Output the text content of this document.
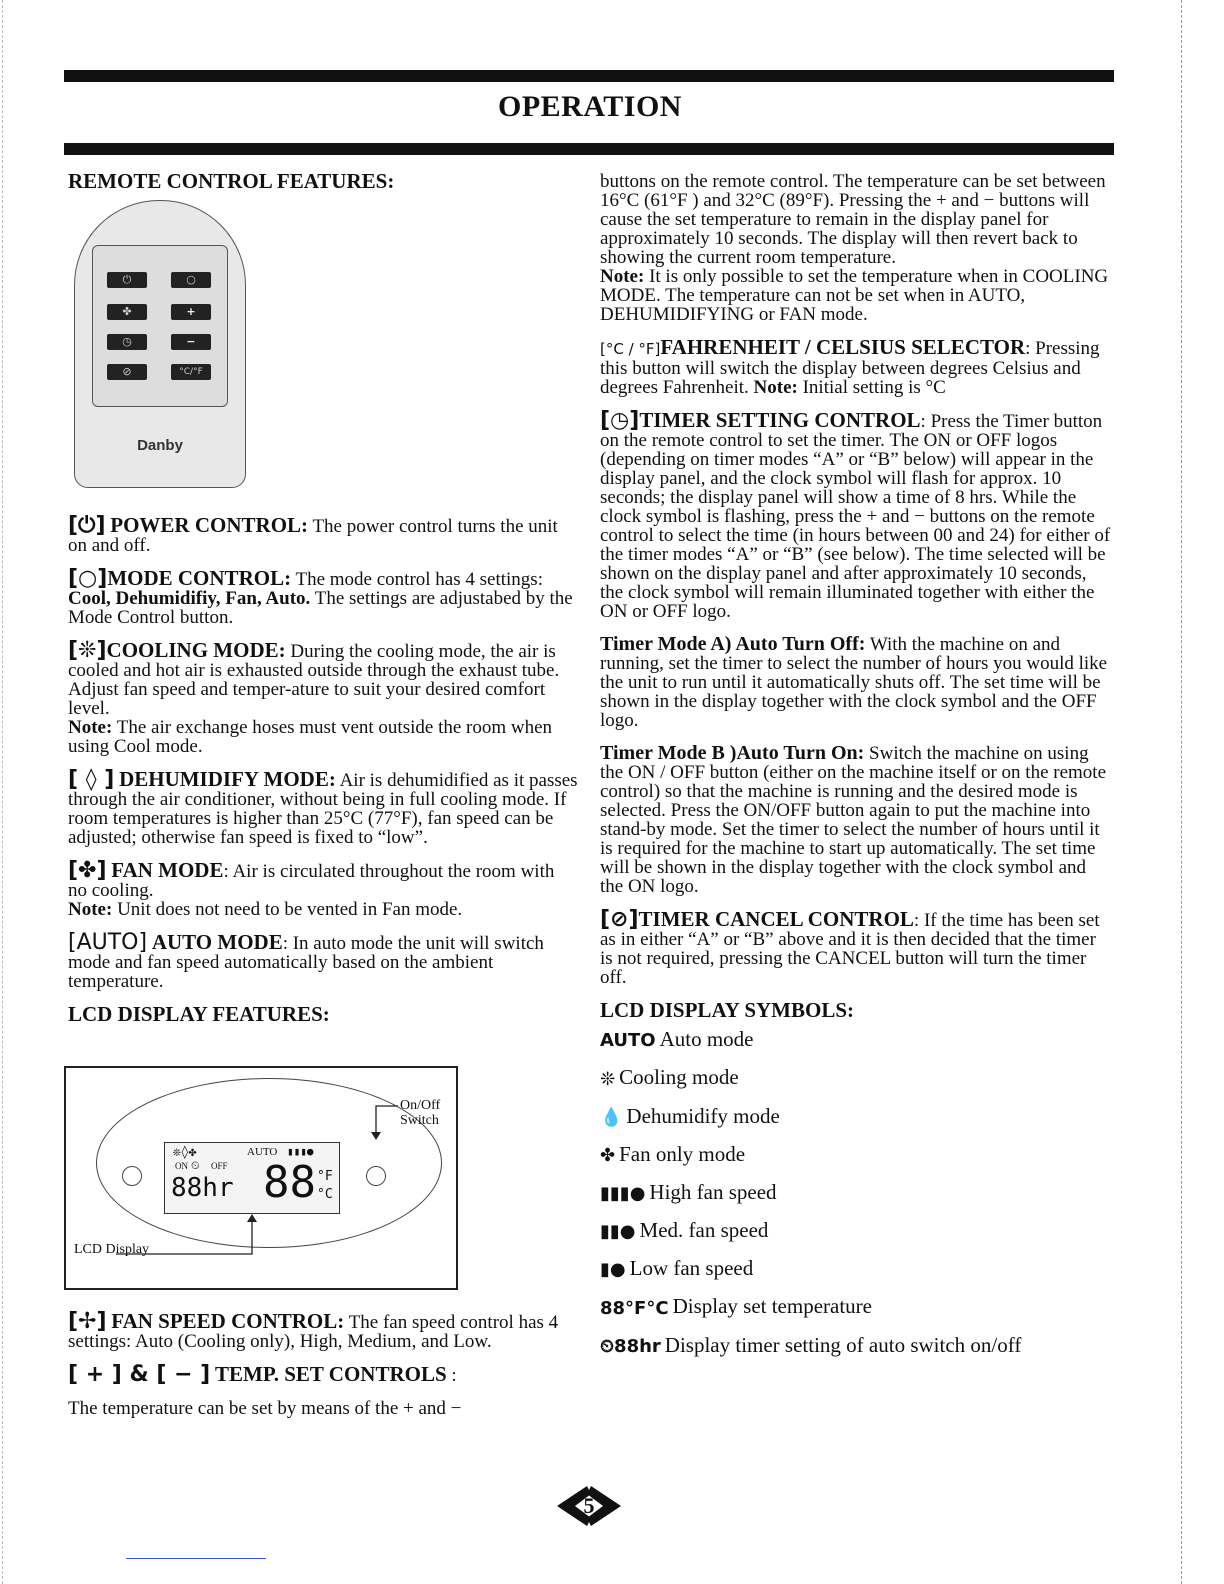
OPERATION
REMOTE CONTROL FEATURES:
⏻	○
✤	+
◷	−
⊘	°C/°F
Danby

[⏻] POWER CONTROL: The power control turns the unit on and off.

[○]MODE CONTROL: The mode control has 4 settings: Cool, Dehumidifiy, Fan, Auto. The settings are adjustabed by the Mode Control button.

[❊]COOLING MODE: During the cooling mode, the air is cooled and hot air is exhausted outside through the exhaust tube. Adjust fan speed and temper-ature to suit your desired comfort level.
Note: The air exchange hoses must vent outside the room when using Cool mode.

[ ◊ ] DEHUMIDIFY MODE: Air is dehumidified as it passes through the air conditioner, without being in full cooling mode. If room temperatures is higher than 25°C (77°F), fan speed can be adjusted; otherwise fan speed is fixed to “low”.

[✤] FAN MODE: Air is circulated throughout the room with no cooling.
Note: Unit does not need to be vented in Fan mode.

[AUTO] AUTO MODE: In auto mode the unit will switch mode and fan speed automatically based on the ambient temperature.

LCD DISPLAY FEATURES:
❊◊✤	AUTO ▮▮▮●
ON ⏲ OFF
88hr 88 °F
°C
On/Off Switch
LCD Display

[✢] FAN SPEED CONTROL: The fan speed control has 4 settings: Auto (Cooling only), High, Medium, and Low.

[ + ] & [ − ] TEMP. SET CONTROLS :

The temperature can be set by means of the + and −

buttons on the remote control. The temperature can be set between 16°C (61°F ) and 32°C (89°F). Pressing the + and − buttons will cause the set temperature to remain in the display panel for approximately 10 seconds. The display will then revert back to showing the current room temperature.

Note: It is only possible to set the temperature when in COOLING MODE. The temperature can not be set when in AUTO, DEHUMIDIFYING or FAN mode.

[°C / °F]FAHRENHEIT / CELSIUS SELECTOR: Pressing this button will switch the display between degrees Celsius and degrees Fahrenheit. Note: Initial setting is °C

[◷]TIMER SETTING CONTROL: Press the Timer button on the remote control to set the timer. The ON or OFF logos (depending on timer modes “A” or “B” below) will appear in the display panel, and the clock symbol will flash for approx. 10 seconds; the display panel will show a time of 8 hrs. While the clock symbol is flashing, press the + and − buttons on the remote control to select the time (in hours between 00 and 24) for either of the timer modes “A” or “B” (see below). The time selected will be shown on the display panel and after approximately 10 seconds, the clock symbol will remain illuminated together with either the ON or OFF logo.

Timer Mode A) Auto Turn Off: With the machine on and running, set the timer to select the number of hours you would like the unit to run until it automatically shuts off. The set time will be shown in the display together with the clock symbol and the OFF logo.

Timer Mode B )Auto Turn On: Switch the machine on using the ON / OFF button (either on the machine itself or on the remote control) so that the machine is running and the desired mode is selected. Press the ON/OFF button again to put the machine into stand-by mode. Set the timer to select the number of hours until it is required for the machine to start up automatically. The set time will be shown in the display together with the clock symbol and the ON logo.

[⊘]TIMER CANCEL CONTROL: If the time has been set as in either “A” or “B” above and it is then decided that the timer is not required, pressing the CANCEL button will turn the timer off.

LCD DISPLAY SYMBOLS:
AUTO Auto mode
❊ Cooling mode
💧 Dehumidify mode
✤ Fan only mode
▮▮▮● High fan speed
▮▮● Med. fan speed
▮● Low fan speed
88°F°C Display set temperature
⏲88hr Display timer setting of auto switch on/off
5
